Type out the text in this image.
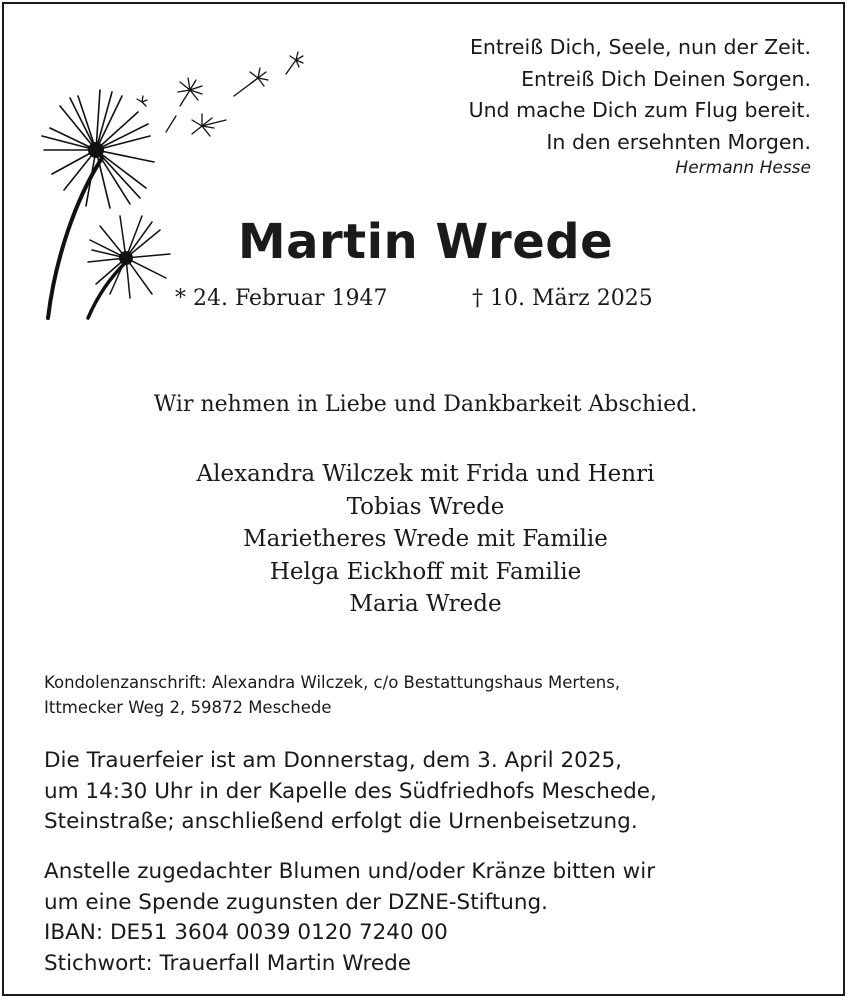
Entreiß Dich, Seele, nun der Zeit.
Entreiß Dich Deinen Sorgen.
Und mache Dich zum Flug bereit.
In den ersehnten Morgen.
Hermann Hesse
Martin Wrede
* 24. Februar 1947	† 10. März 2025
Wir nehmen in Liebe und Dankbarkeit Abschied.
Alexandra Wilczek mit Frida und Henri
Tobias Wrede
Marietheres Wrede mit Familie
Helga Eickhoff mit Familie
Maria Wrede
Kondolenzanschrift: Alexandra Wilczek, c/o Bestattungshaus Mertens,
Ittmecker Weg 2, 59872 Meschede
Die Trauerfeier ist am Donnerstag, dem 3. April 2025,
um 14:30 Uhr in der Kapelle des Südfriedhofs Meschede,
Steinstraße; anschließend erfolgt die Urnenbeisetzung.
Anstelle zugedachter Blumen und/oder Kränze bitten wir
um eine Spende zugunsten der DZNE-Stiftung.
IBAN: DE51 3604 0039 0120 7240 00
Stichwort: Trauerfall Martin Wrede
